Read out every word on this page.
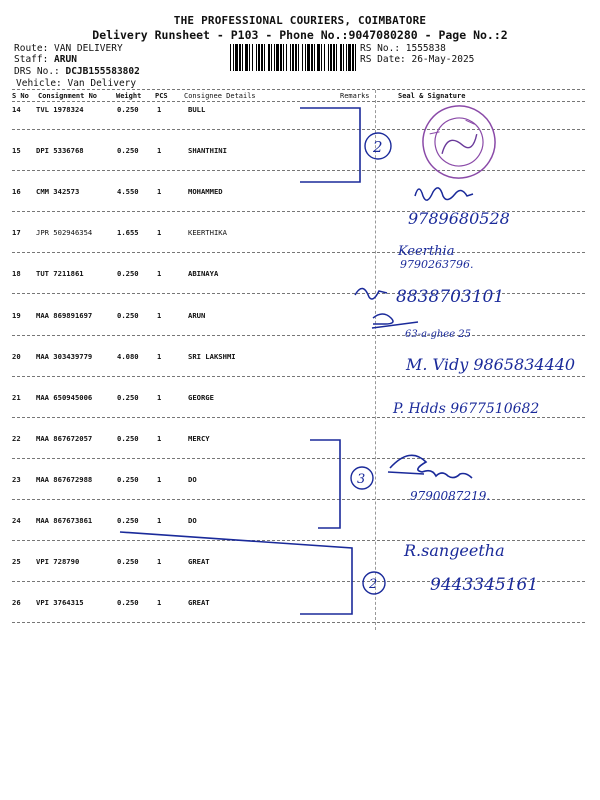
THE PROFESSIONAL COURIERS, COIMBATORE
Delivery Runsheet - P103 - Phone No.:9047080280 - Page No.:2
Route: VAN DELIVERY
Staff: ARUN
DRS No.: DCJB155583802
Vehicle: Van Delivery
RS No.: 1555838
RS Date: 26-May-2025
S No Consignment No	Weight PCS Consignee Details	Remarks	Seal & Signature
14 TVL 1978324	0.250	1	BULL
15 DPI 5336768	0.250	1	SHANTHINI
16 CMM 342573	4.550	1	MOHAMMED
17 JPR 502946354	1.655	1	KEERTHIKA
18 TUT 7211861	0.250	1	ABINAYA
19 MAA 869891697	0.250	1	ARUN
20 MAA 303439779	4.080	1	SRI LAKSHMI
21 MAA 650945006	0.250	1	GEORGE
22 MAA 867672057	0.250	1	MERCY
23 MAA 867672988	0.250	1	DO
24 MAA 867673861	0.250	1	DO
25 VPI 728790	0.250	1	GREAT
26 VPI 3764315	0.250	1	GREAT
2
9789680528
Keerthia
9790263796.
8838703101
63-a-ghee 25
M. Vidy 9865834440
P. Hdds 9677510682
3
9790087219.
2
R.sangeetha
9443345161
